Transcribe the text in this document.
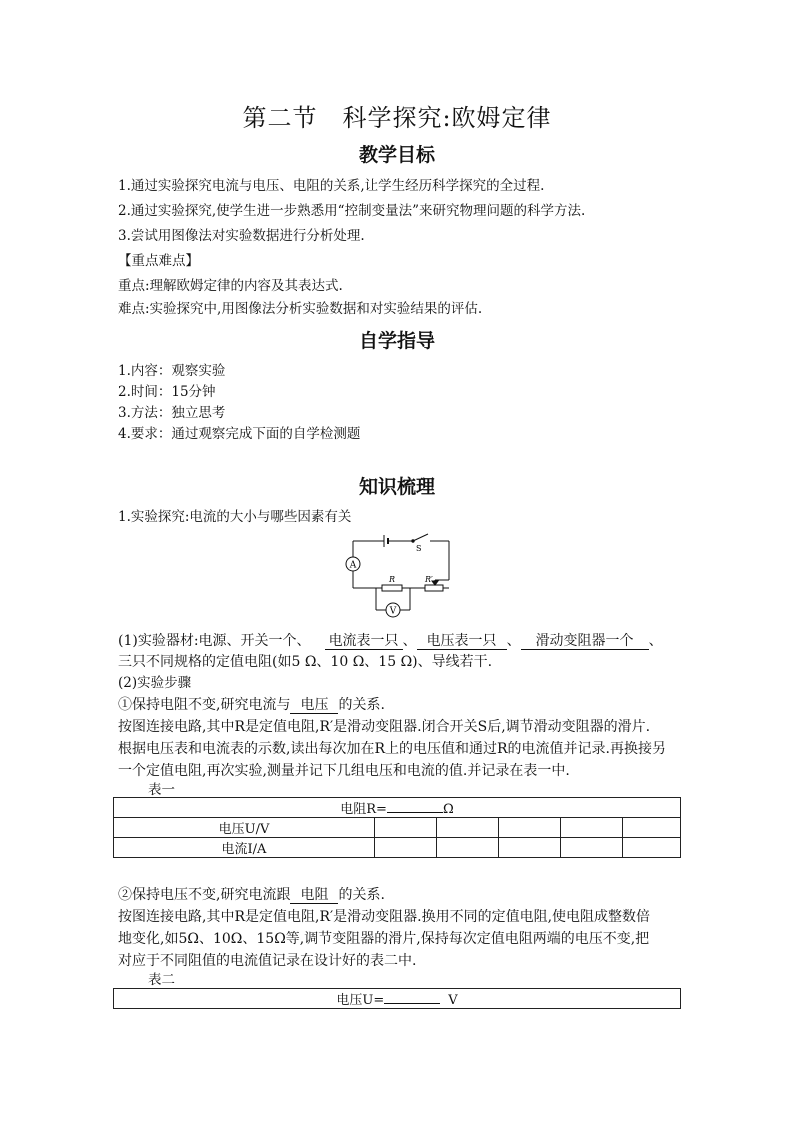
第二节　科学探究:欧姆定律
教学目标
1.通过实验探究电流与电压、电阻的关系,让学生经历科学探究的全过程.
2.通过实验探究,使学生进一步熟悉用“控制变量法”来研究物理问题的科学方法.
3.尝试用图像法对实验数据进行分析处理.
【重点难点】
重点:理解欧姆定律的内容及其表达式.
难点:实验探究中,用图像法分析实验数据和对实验结果的评估.
自学指导
1.内容：观察实验
2.时间：15分钟
3.方法：独立思考
4.要求：通过观察完成下面的自学检测题
知识梳理
1.实验探究:电流的大小与哪些因素有关
A
V
S
R	R′
(1)实验器材:电源、开关一个、 电流表一只 、 电压表一只 、 滑动变阻器一个 、
三只不同规格的定值电阻(如5 Ω、10 Ω、15 Ω)、导线若干.
(2)实验步骤
①保持电阻不变,研究电流与 电压 的关系.
按图连接电路,其中R是定值电阻,R′是滑动变阻器.闭合开关S后,调节滑动变阻器的滑片.
根据电压表和电流表的示数,读出每次加在R上的电压值和通过R的电流值并记录.再换接另
一个定值电阻,再次实验,测量并记下几组电压和电流的值.并记录在表一中.
表一
电阻R= Ω					
电压U/V					
电流I/A					
②保持电压不变,研究电流跟 电阻 的关系.
按图连接电路,其中R是定值电阻,R′是滑动变阻器.换用不同的定值电阻,使电阻成整数倍
地变化,如5Ω、10Ω、15Ω等,调节变阻器的滑片,保持每次定值电阻两端的电压不变,把
对应于不同阻值的电流值记录在设计好的表二中.
表二
电压U=	V
